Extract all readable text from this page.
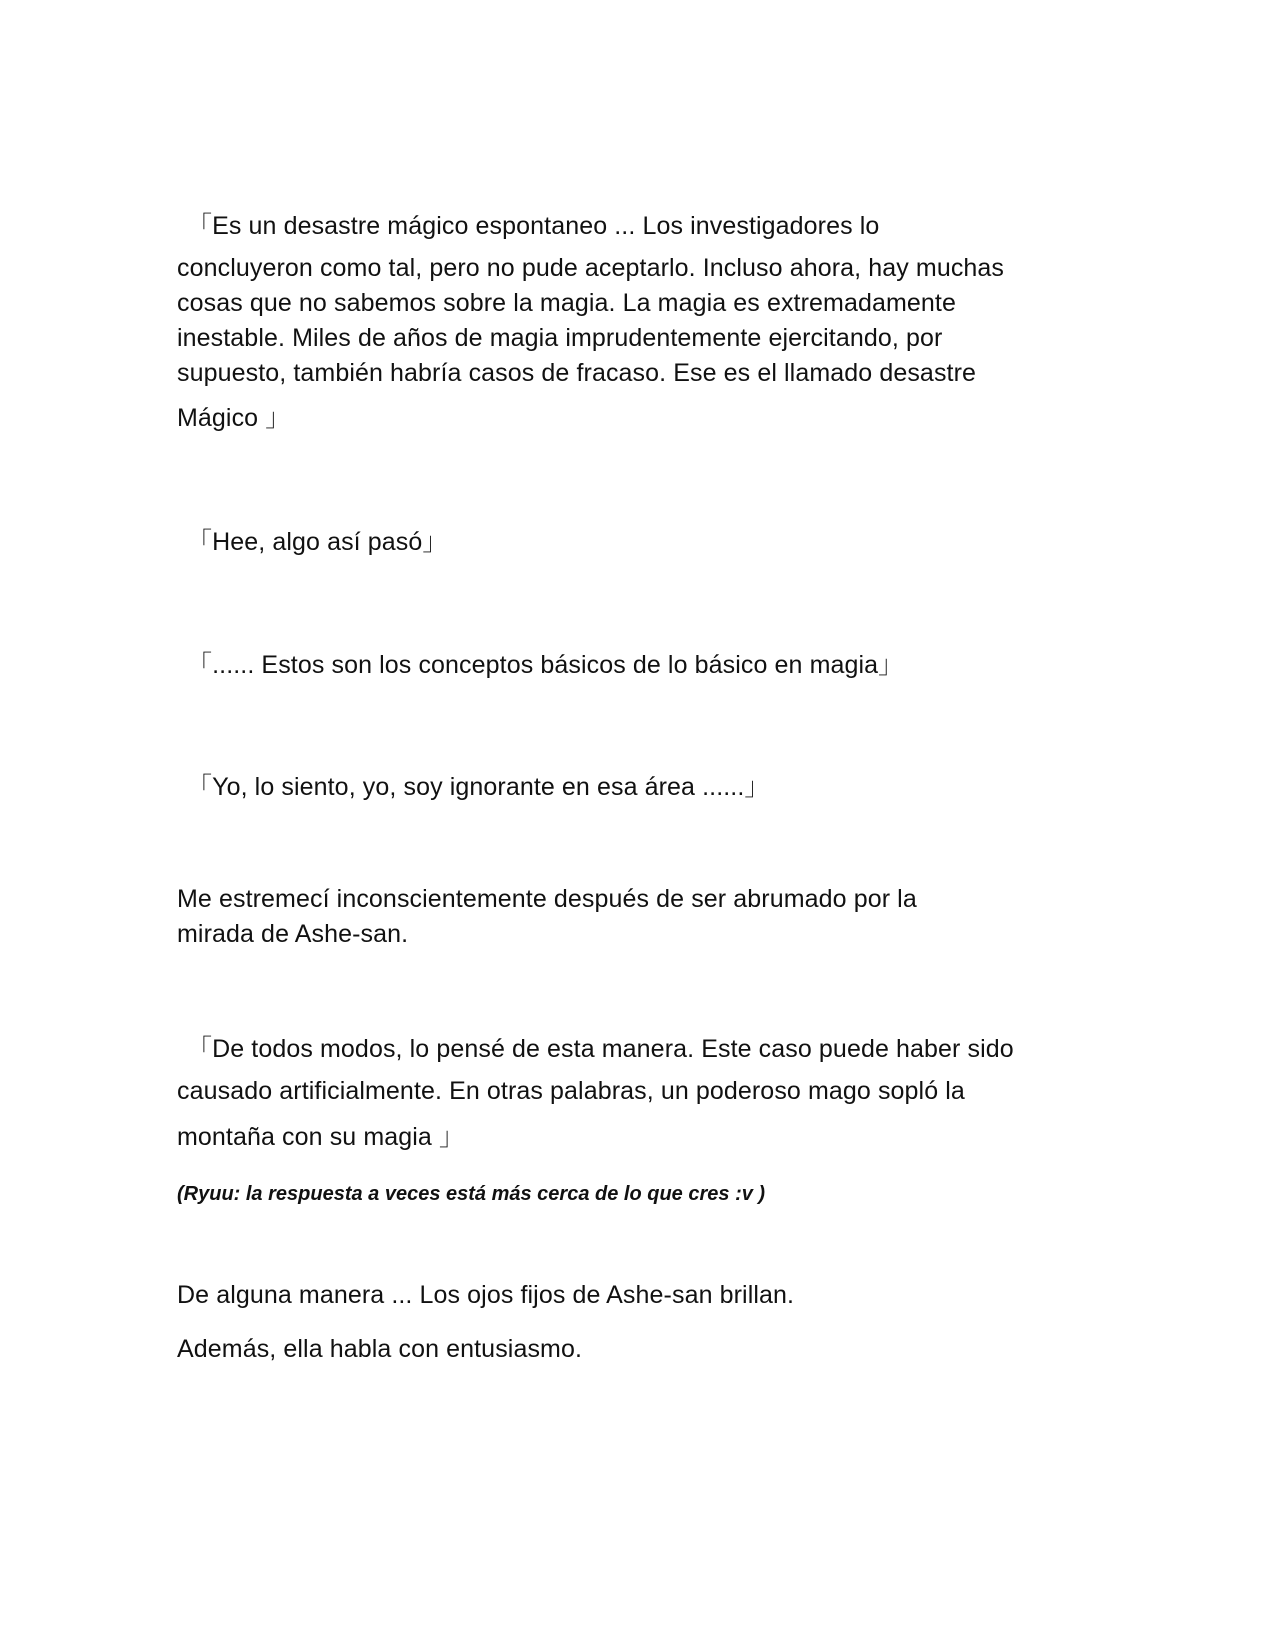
「Es un desastre mágico espontaneo ... Los investigadores lo
concluyeron como tal, pero no pude aceptarlo. Incluso ahora, hay muchas
cosas que no sabemos sobre la magia. La magia es extremadamente
inestable. Miles de años de magia imprudentemente ejercitando, por
supuesto, también habría casos de fracaso. Ese es el llamado desastre
Mágico 」
「Hee, algo así pasó」
「...... Estos son los conceptos básicos de lo básico en magia」
「Yo, lo siento, yo, soy ignorante en esa área ......」
Me estremecí inconscientemente después de ser abrumado por la
mirada de Ashe-san.
「De todos modos, lo pensé de esta manera. Este caso puede haber sido
causado artificialmente. En otras palabras, un poderoso mago sopló la
montaña con su magia 」
(Ryuu: la respuesta a veces está más cerca de lo que cres :v )
De alguna manera ... Los ojos fijos de Ashe-san brillan.
Además, ella habla con entusiasmo.
